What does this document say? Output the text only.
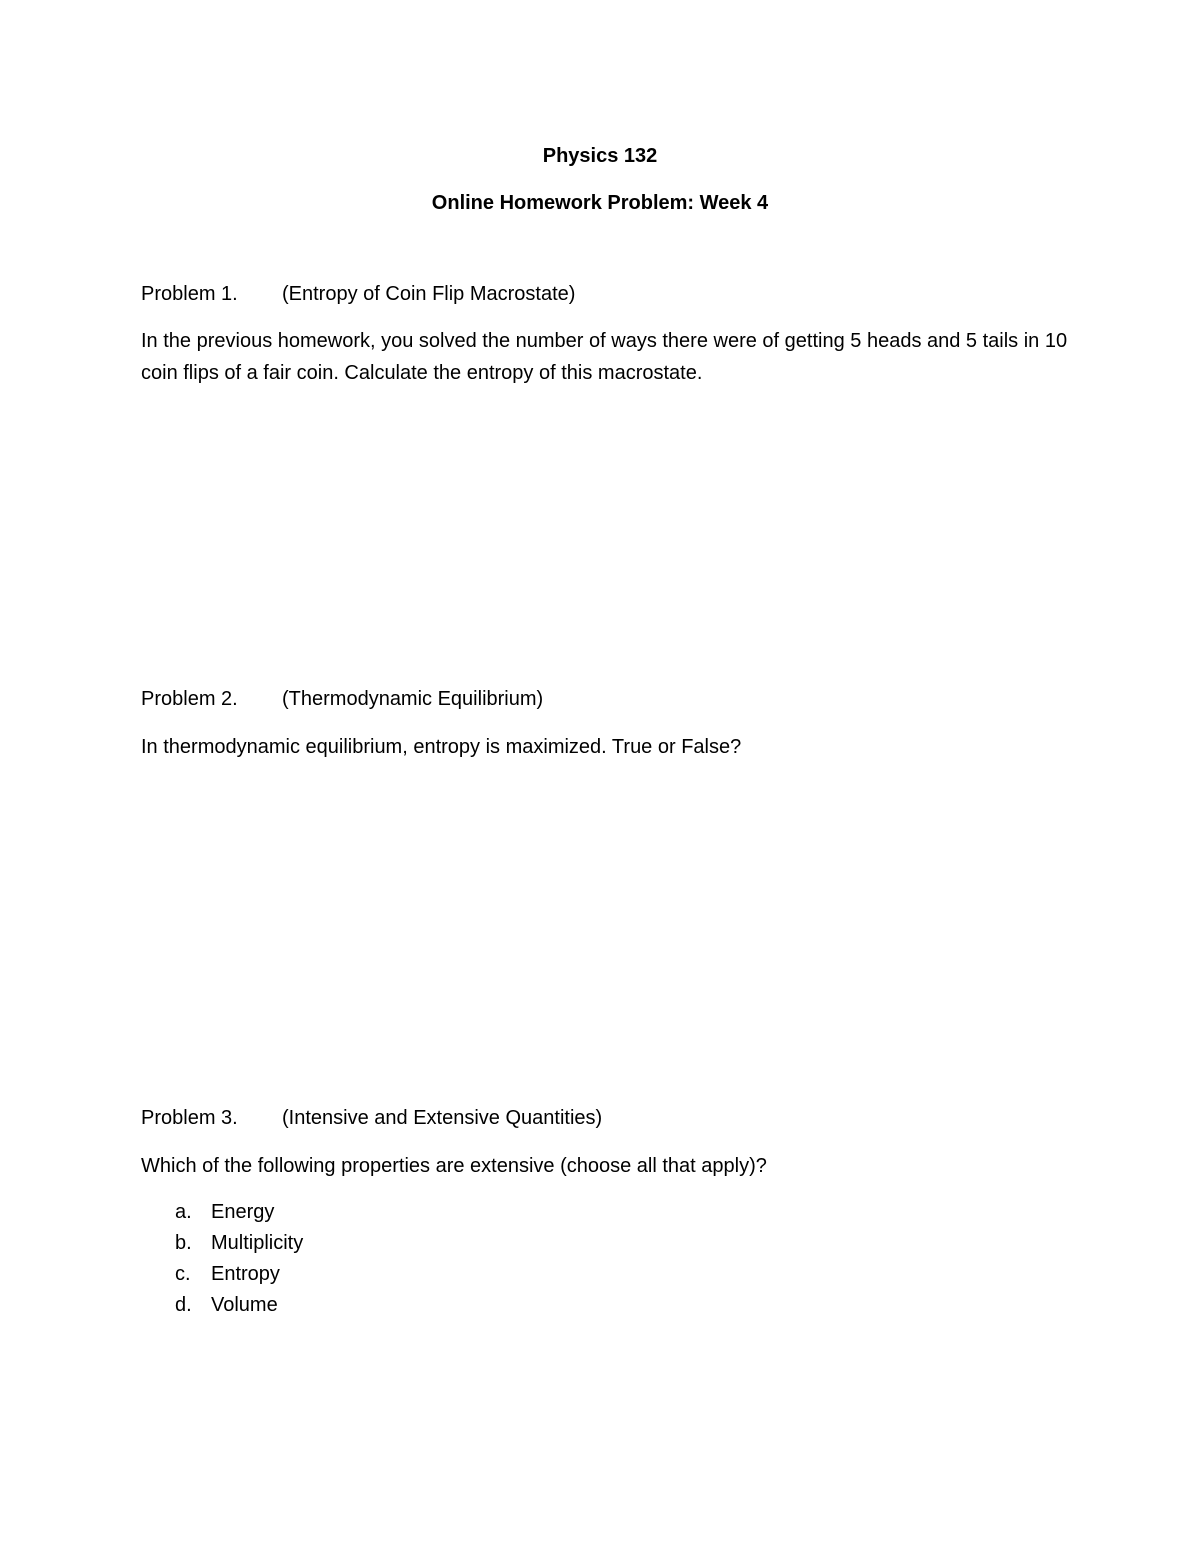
Physics 132
Online Homework Problem: Week 4
Problem 1. (Entropy of Coin Flip Macrostate)
In the previous homework, you solved the number of ways there were of getting 5 heads and 5 tails in 10 coin flips of a fair coin. Calculate the entropy of this macrostate.
Problem 2. (Thermodynamic Equilibrium)
In thermodynamic equilibrium, entropy is maximized. True or False?
Problem 3. (Intensive and Extensive Quantities)
Which of the following properties are extensive (choose all that apply)?
a. Energy
b. Multiplicity
c. Entropy
d. Volume
